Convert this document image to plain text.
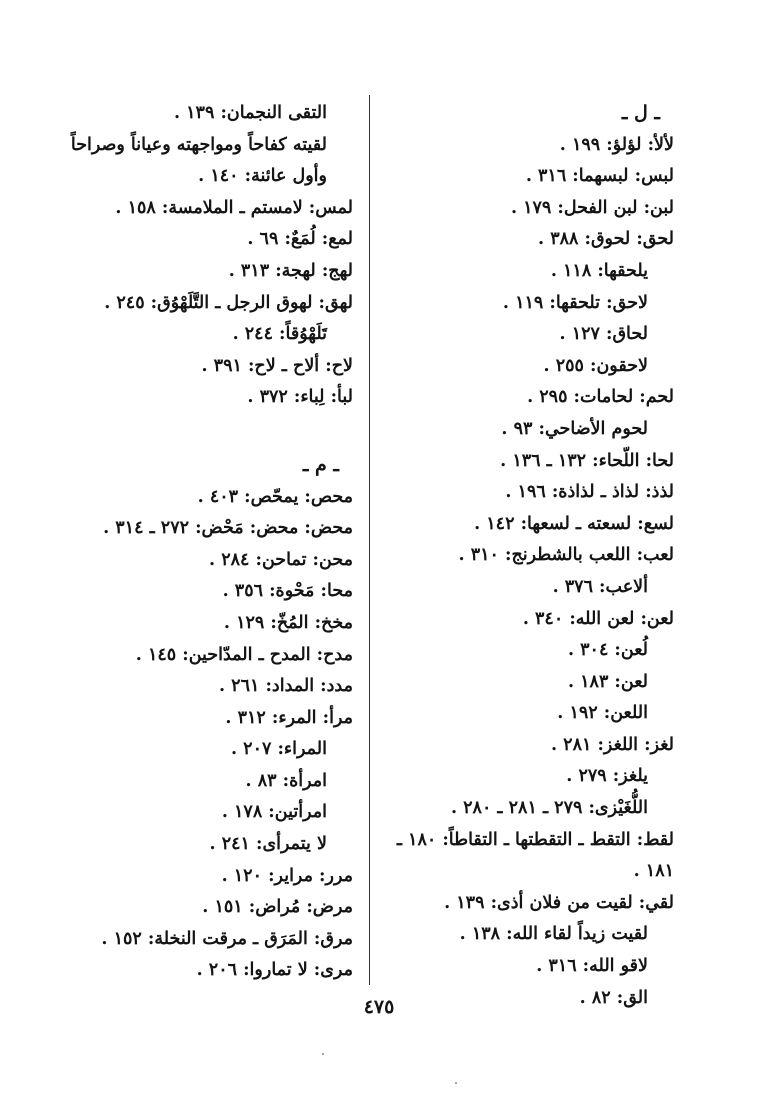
ـ ل ـ
لألأ: لؤلؤ: ١٩٩ .
لبس: لبسهما: ٣١٦ .
لبن: لبن الفحل: ١٧٩ .
لحق: لحوق: ٣٨٨ .
يلحقها: ١١٨ .
لاحق: تلحقها: ١١٩ .
لحاق: ١٢٧ .
لاحقون: ٢٥٥ .
لحم: لحامات: ٢٩٥ .
لحوم الأضاحي: ٩٣ .
لحا: اللّحاء: ١٣٢ ـ ١٣٦ .
لذذ: لذاذ ـ لذاذة: ١٩٦ .
لسع: لسعته ـ لسعها: ١٤٢ .
لعب: اللعب بالشطرنج: ٣١٠ .
ألاعب: ٣٧٦ .
لعن: لعن الله: ٣٤٠ .
لُعن: ٣٠٤ .
لعن: ١٨٣ .
اللعن: ١٩٢ .
لغز: اللغز: ٢٨١ .
يلغز: ٢٧٩ .
اللُّغَيْزى: ٢٧٩ ـ ٢٨١ ـ ٢٨٠ .
لقط: التقط ـ التقطتها ـ التقاطاً: ١٨٠ ـ
١٨١ .
لقي: لقيت من فلان أذى: ١٣٩ .
لقيت زيداً لقاء الله: ١٣٨ .
لاقو الله: ٣١٦ .
الق: ٨٢ .
التقى النجمان: ١٣٩ .
لقيته كفاحاً ومواجهته وعياناً وصراحاً
وأول عائنة: ١٤٠ .
لمس: لامستم ـ الملامسة: ١٥٨ .
لمع: لُمَعٌ: ٦٩ .
لهج: لهجة: ٣١٣ .
لهق: لهوق الرجل ـ التَّلَهْوُق: ٢٤٥ .
تَلَهْوُقاً: ٢٤٤ .
لاح: ألاح ـ لاح: ٣٩١ .
لبأ: لِباء: ٣٧٢ .
ـ م ـ
محص: يمحّص: ٤٠٣ .
محض: محض: مَحْض: ٢٧٢ ـ ٣١٤ .
محن: تماحن: ٢٨٤ .
محا: مَحْوة: ٣٥٦ .
مخخ: المُخّ: ١٢٩ .
مدح: المدح ـ المدّاحين: ١٤٥ .
مدد: المداد: ٢٦١ .
مرأ: المرء: ٣١٢ .
المراء: ٢٠٧ .
امرأة: ٨٣ .
امرأتين: ١٧٨ .
لا يتمرأى: ٢٤١ .
مرر: مراير: ١٢٠ .
مرض: مُراض: ١٥١ .
مرق: المَرَق ـ مرقت النخلة: ١٥٢ .
مرى: لا تماروا: ٢٠٦ .
٤٧٥
